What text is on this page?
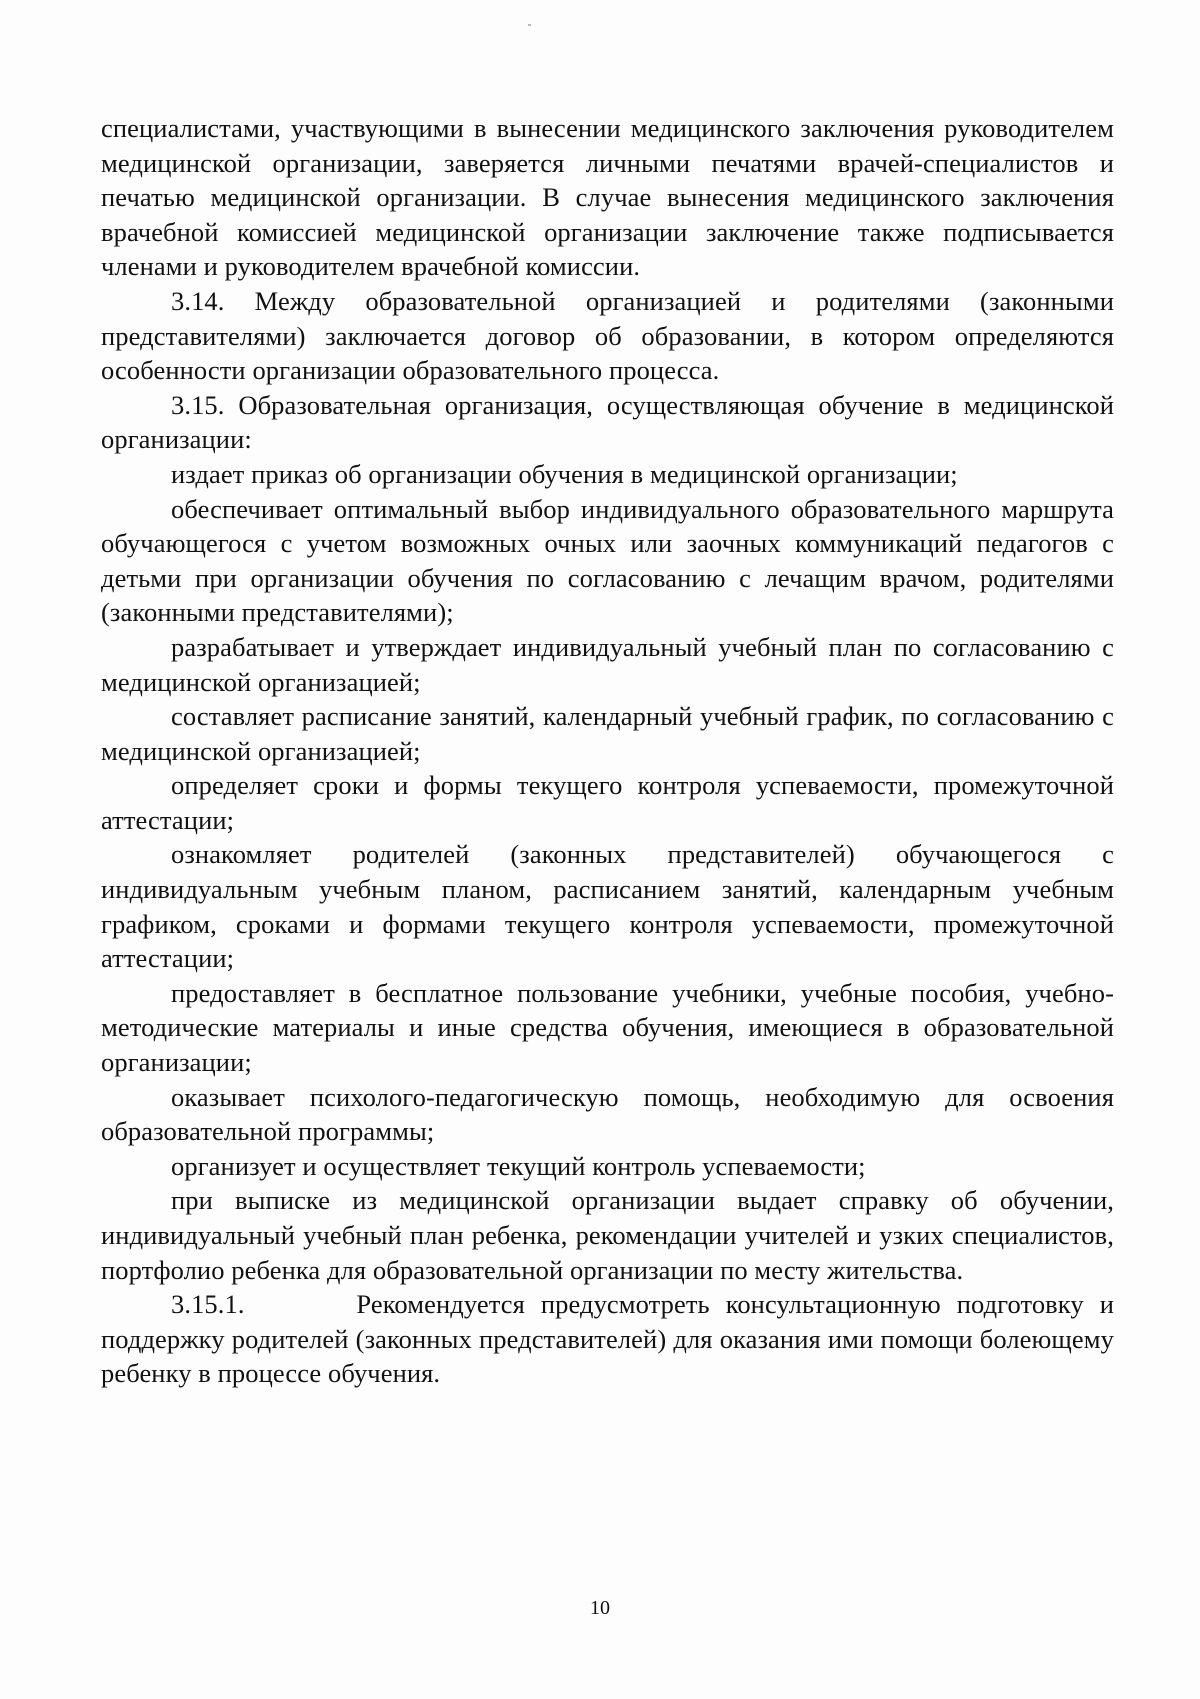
специалистами, участвующими в вынесении медицинского заключения руководителем медицинской организации, заверяется личными печатями врачей-специалистов и печатью медицинской организации. В случае вынесения медицинского заключения врачебной комиссией медицинской организации заключение также подписывается членами и руководителем врачебной комиссии.

3.14. Между образовательной организацией и родителями (законными представителями) заключается договор об образовании, в котором определяются особенности организации образовательного процесса.

3.15. Образовательная организация, осуществляющая обучение в медицинской организации:

издает приказ об организации обучения в медицинской организации;

обеспечивает оптимальный выбор индивидуального образовательного маршрута обучающегося с учетом возможных очных или заочных коммуникаций педагогов с детьми при организации обучения по согласованию с лечащим врачом, родителями (законными представителями);

разрабатывает и утверждает индивидуальный учебный план по согласованию с медицинской организацией;

составляет расписание занятий, календарный учебный график, по согласованию с медицинской организацией;

определяет сроки и формы текущего контроля успеваемости, промежуточной аттестации;

ознакомляет родителей (законных представителей) обучающегося с индивидуальным учебным планом, расписанием занятий, календарным учебным графиком, сроками и формами текущего контроля успеваемости, промежуточной аттестации;

предоставляет в бесплатное пользование учебники, учебные пособия, учебно-методические материалы и иные средства обучения, имеющиеся в образовательной организации;

оказывает психолого-педагогическую помощь, необходимую для освоения образовательной программы;

организует и осуществляет текущий контроль успеваемости;

при выписке из медицинской организации выдает справку об обучении, индивидуальный учебный план ребенка, рекомендации учителей и узких специалистов, портфолио ребенка для образовательной организации по месту жительства.

3.15.1.       Рекомендуется предусмотреть консультационную подготовку и поддержку родителей (законных представителей) для оказания ими помощи болеющему ребенку в процессе обучения.

10
